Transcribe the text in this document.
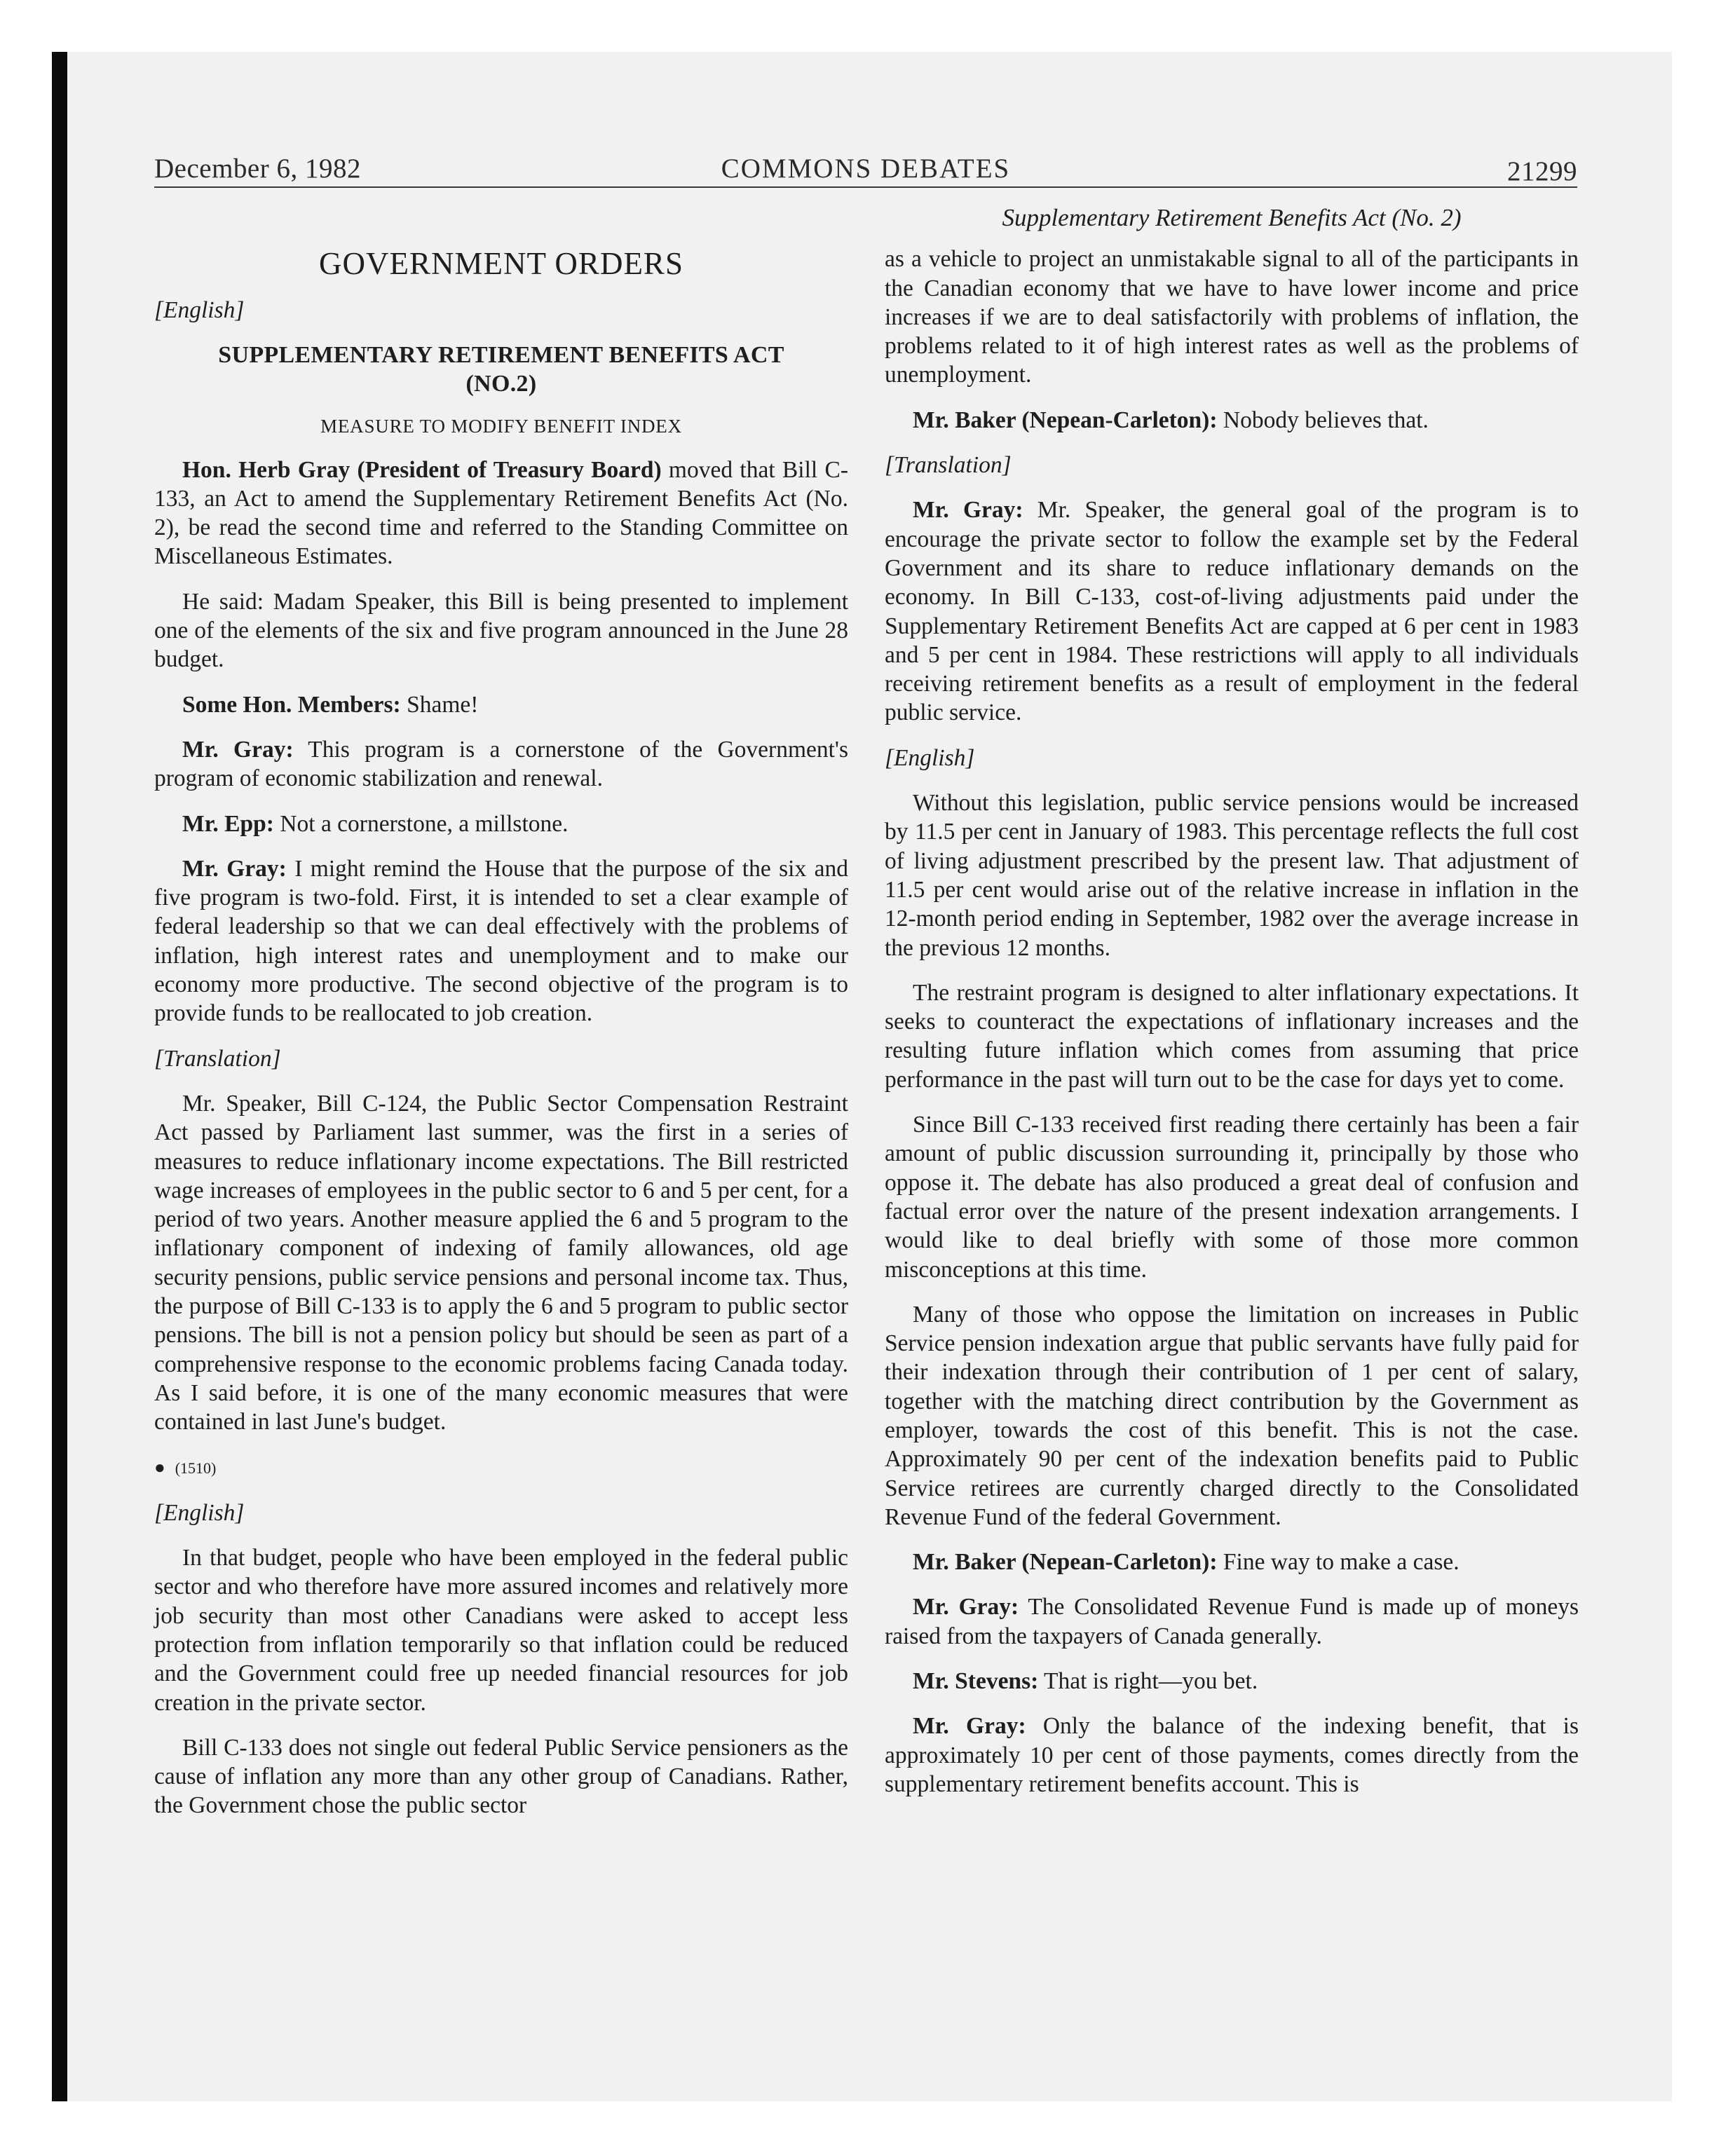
December 6, 1982	COMMONS DEBATES	21299
GOVERNMENT ORDERS

[English]

SUPPLEMENTARY RETIREMENT BENEFITS ACT
(NO.2)
MEASURE TO MODIFY BENEFIT INDEX

Hon. Herb Gray (President of Treasury Board) moved that Bill C-133, an Act to amend the Supplementary Retirement Benefits Act (No. 2), be read the second time and referred to the Standing Committee on Miscellaneous Estimates.

He said: Madam Speaker, this Bill is being presented to implement one of the elements of the six and five program announced in the June 28 budget.

Some Hon. Members: Shame!

Mr. Gray: This program is a cornerstone of the Government's program of economic stabilization and renewal.

Mr. Epp: Not a cornerstone, a millstone.

Mr. Gray: I might remind the House that the purpose of the six and five program is two-fold. First, it is intended to set a clear example of federal leadership so that we can deal effectively with the problems of inflation, high interest rates and unemployment and to make our economy more productive. The second objective of the program is to provide funds to be reallocated to job creation.

[Translation]

Mr. Speaker, Bill C-124, the Public Sector Compensation Restraint Act passed by Parliament last summer, was the first in a series of measures to reduce inflationary income expectations. The Bill restricted wage increases of employees in the public sector to 6 and 5 per cent, for a period of two years. Another measure applied the 6 and 5 program to the inflationary component of indexing of family allowances, old age security pensions, public service pensions and personal income tax. Thus, the purpose of Bill C-133 is to apply the 6 and 5 program to public sector pensions. The bill is not a pension policy but should be seen as part of a comprehensive response to the economic problems facing Canada today. As I said before, it is one of the many economic measures that were contained in last June's budget.

● (1510)

[English]

In that budget, people who have been employed in the federal public sector and who therefore have more assured incomes and relatively more job security than most other Canadians were asked to accept less protection from inflation temporarily so that inflation could be reduced and the Government could free up needed financial resources for job creation in the private sector.

Bill C-133 does not single out federal Public Service pensioners as the cause of inflation any more than any other group of Canadians. Rather, the Government chose the public sector

Supplementary Retirement Benefits Act (No. 2)

as a vehicle to project an unmistakable signal to all of the participants in the Canadian economy that we have to have lower income and price increases if we are to deal satisfactorily with problems of inflation, the problems related to it of high interest rates as well as the problems of unemployment.

Mr. Baker (Nepean-Carleton): Nobody believes that.

[Translation]

Mr. Gray: Mr. Speaker, the general goal of the program is to encourage the private sector to follow the example set by the Federal Government and its share to reduce inflationary demands on the economy. In Bill C-133, cost-of-living adjustments paid under the Supplementary Retirement Benefits Act are capped at 6 per cent in 1983 and 5 per cent in 1984. These restrictions will apply to all individuals receiving retirement benefits as a result of employment in the federal public service.

[English]

Without this legislation, public service pensions would be increased by 11.5 per cent in January of 1983. This percentage reflects the full cost of living adjustment prescribed by the present law. That adjustment of 11.5 per cent would arise out of the relative increase in inflation in the 12-month period ending in September, 1982 over the average increase in the previous 12 months.

The restraint program is designed to alter inflationary expectations. It seeks to counteract the expectations of inflationary increases and the resulting future inflation which comes from assuming that price performance in the past will turn out to be the case for days yet to come.

Since Bill C-133 received first reading there certainly has been a fair amount of public discussion surrounding it, principally by those who oppose it. The debate has also produced a great deal of confusion and factual error over the nature of the present indexation arrangements. I would like to deal briefly with some of those more common misconceptions at this time.

Many of those who oppose the limitation on increases in Public Service pension indexation argue that public servants have fully paid for their indexation through their contribution of 1 per cent of salary, together with the matching direct contribution by the Government as employer, towards the cost of this benefit. This is not the case. Approximately 90 per cent of the indexation benefits paid to Public Service retirees are currently charged directly to the Consolidated Revenue Fund of the federal Government.

Mr. Baker (Nepean-Carleton): Fine way to make a case.

Mr. Gray: The Consolidated Revenue Fund is made up of moneys raised from the taxpayers of Canada generally.

Mr. Stevens: That is right—you bet.

Mr. Gray: Only the balance of the indexing benefit, that is approximately 10 per cent of those payments, comes directly from the supplementary retirement benefits account. This is
